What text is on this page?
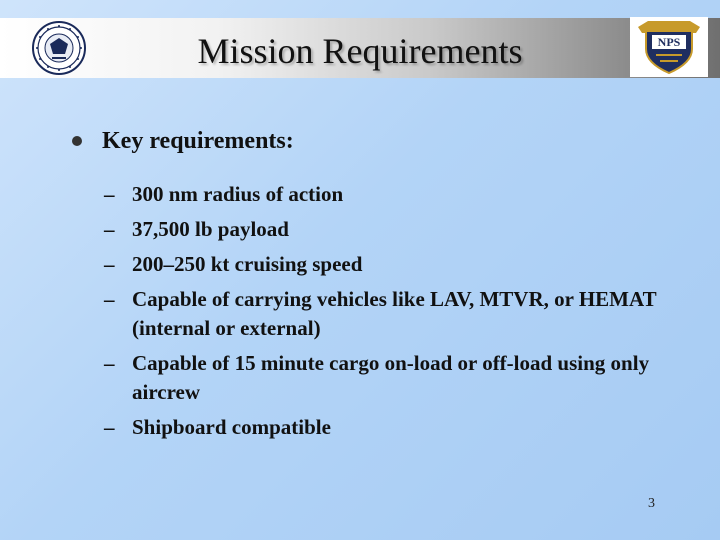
Mission Requirements	NPS
Key requirements:
– 300 nm radius of action
– 37,500 lb payload
– 200–250 kt cruising speed
– Capable of carrying vehicles like LAV, MTVR, or HEMAT (internal or external)
– Capable of 15 minute cargo on-load or off-load using only aircrew
– Shipboard compatible
3
